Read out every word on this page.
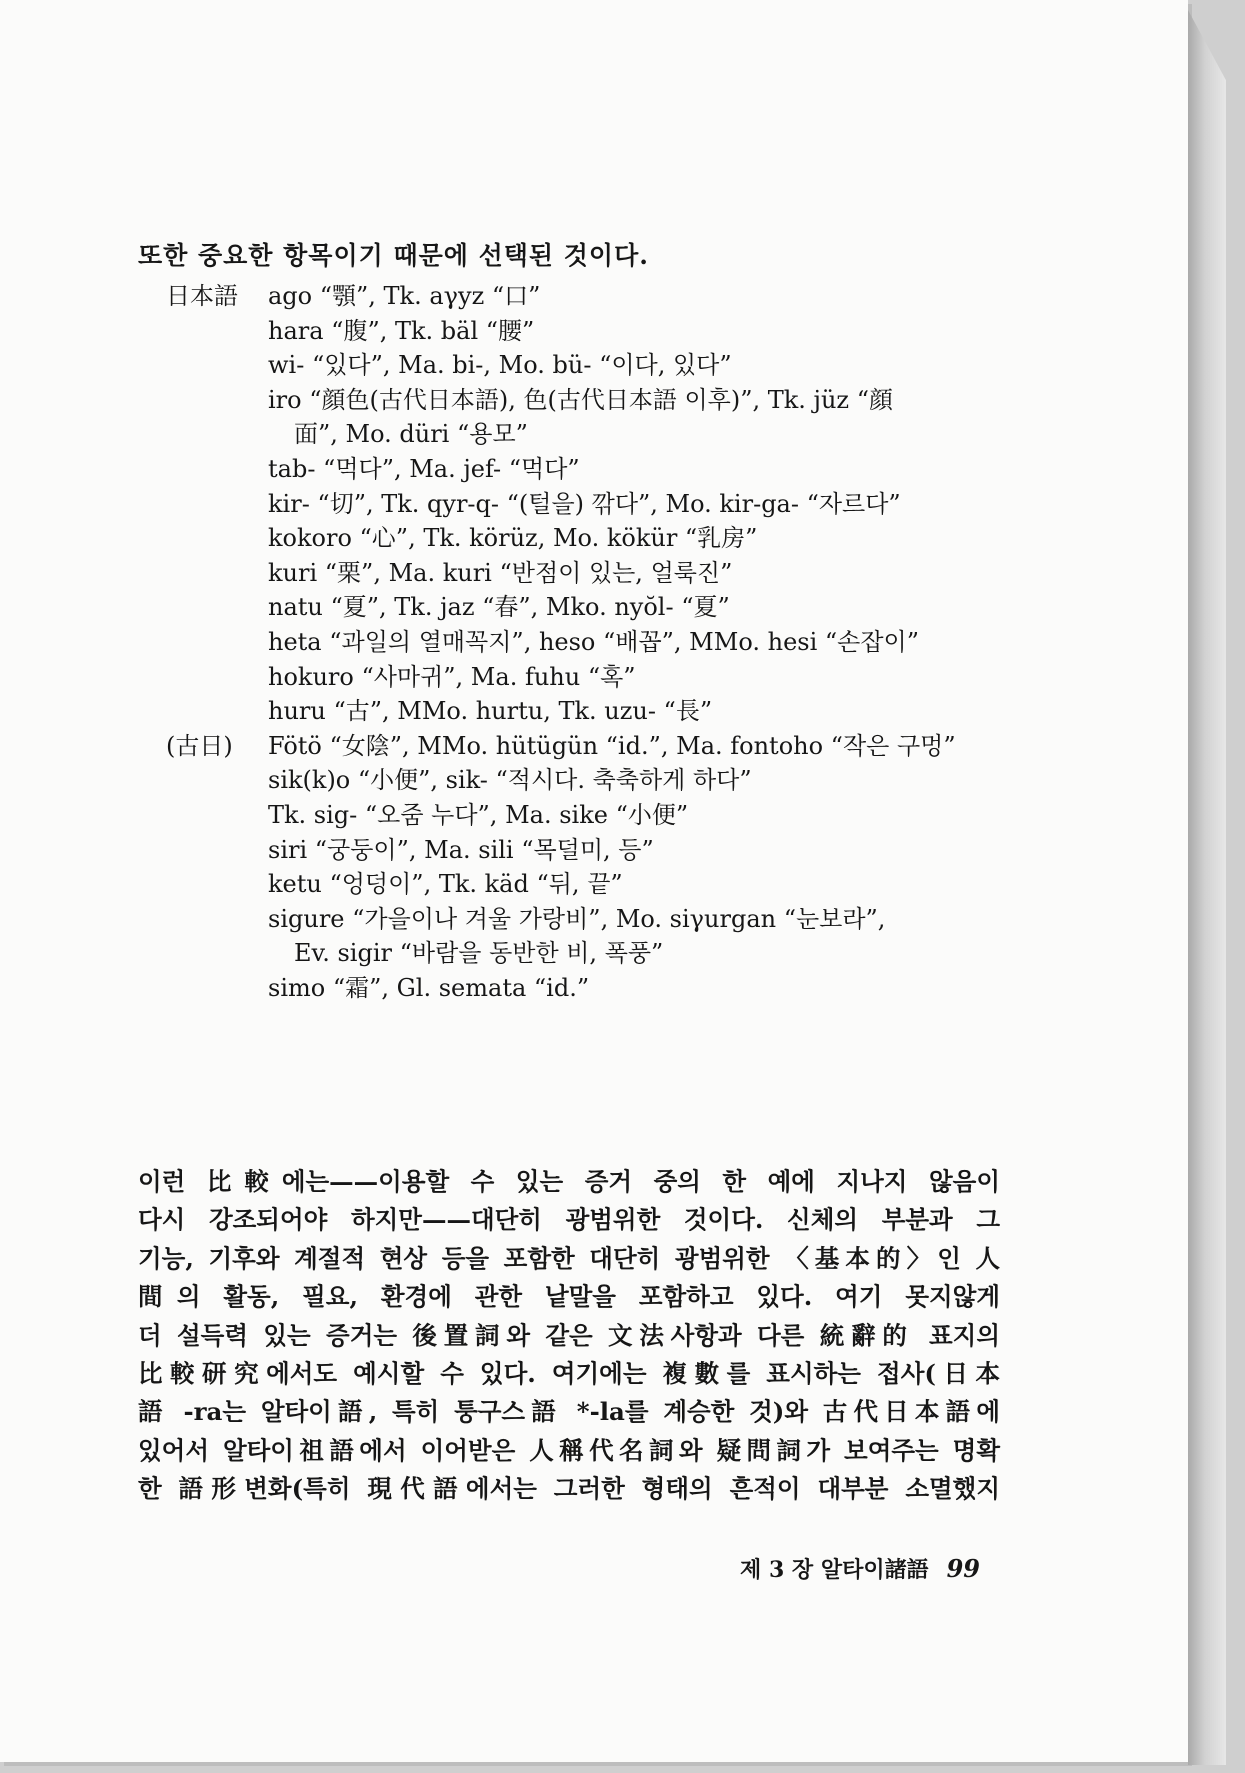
또한 중요한 항목이기 때문에 선택된 것이다.
日本語 ago “顎”, Tk. aγyz “口”
hara “腹”, Tk. bäl “腰”
wi- “있다”, Ma. bi-, Mo. bü- “이다, 있다”
iro “顔色(古代日本語), 色(古代日本語 이후)”, Tk. jüz “顔
面”, Mo. düri “용모”
tab- “먹다”, Ma. jef- “먹다”
kir- “切”, Tk. qyr-q- “(털을) 깎다”, Mo. kir-ga- “자르다”
kokoro “心”, Tk. körüz, Mo. kökür “乳房”
kuri “栗”, Ma. kuri “반점이 있는, 얼룩진”
natu “夏”, Tk. jaz “春”, Mko. nyŏl- “夏”
heta “과일의 열매꼭지”, heso “배꼽”, MMo. hesi “손잡이”
hokuro “사마귀”, Ma. fuhu “혹”
huru “古”, MMo. hurtu, Tk. uzu- “長”
(古日) Fötö “女陰”, MMo. hütügün “id.”, Ma. fontoho “작은 구멍”
sik(k)o “小便”, sik- “적시다. 축축하게 하다”
Tk. sig- “오줌 누다”, Ma. sike “小便”
siri “궁둥이”, Ma. sili “목덜미, 등”
ketu “엉덩이”, Tk. käd “뒤, 끝”
sigure “가을이나 겨울 가랑비”, Mo. siγurgan “눈보라”,
Ev. sigir “바람을 동반한 비, 폭풍”
simo “霜”, Gl. semata “id.”
이런 比較에는——이용할 수 있는 증거 중의 한 예에 지나지 않음이
다시 강조되어야 하지만——대단히 광범위한 것이다. 신체의 부분과 그
기능, 기후와 계절적 현상 등을 포함한 대단히 광범위한 〈基本的〉인 人
間의 활동, 필요, 환경에 관한 낱말을 포함하고 있다. 여기 못지않게
더 설득력 있는 증거는 後置詞와 같은 文法사항과 다른 統辭的 표지의
比較研究에서도 예시할 수 있다. 여기에는 複數를 표시하는 접사(日本
語 -ra는 알타이語, 특히 퉁구스語 *-la를 계승한 것)와 古代日本語에
있어서 알타이祖語에서 이어받은 人稱代名詞와 疑問詞가 보여주는 명확
한 語形변화(특히 現代語에서는 그러한 형태의 흔적이 대부분 소멸했지
제 3 장 알타이諸語 99
